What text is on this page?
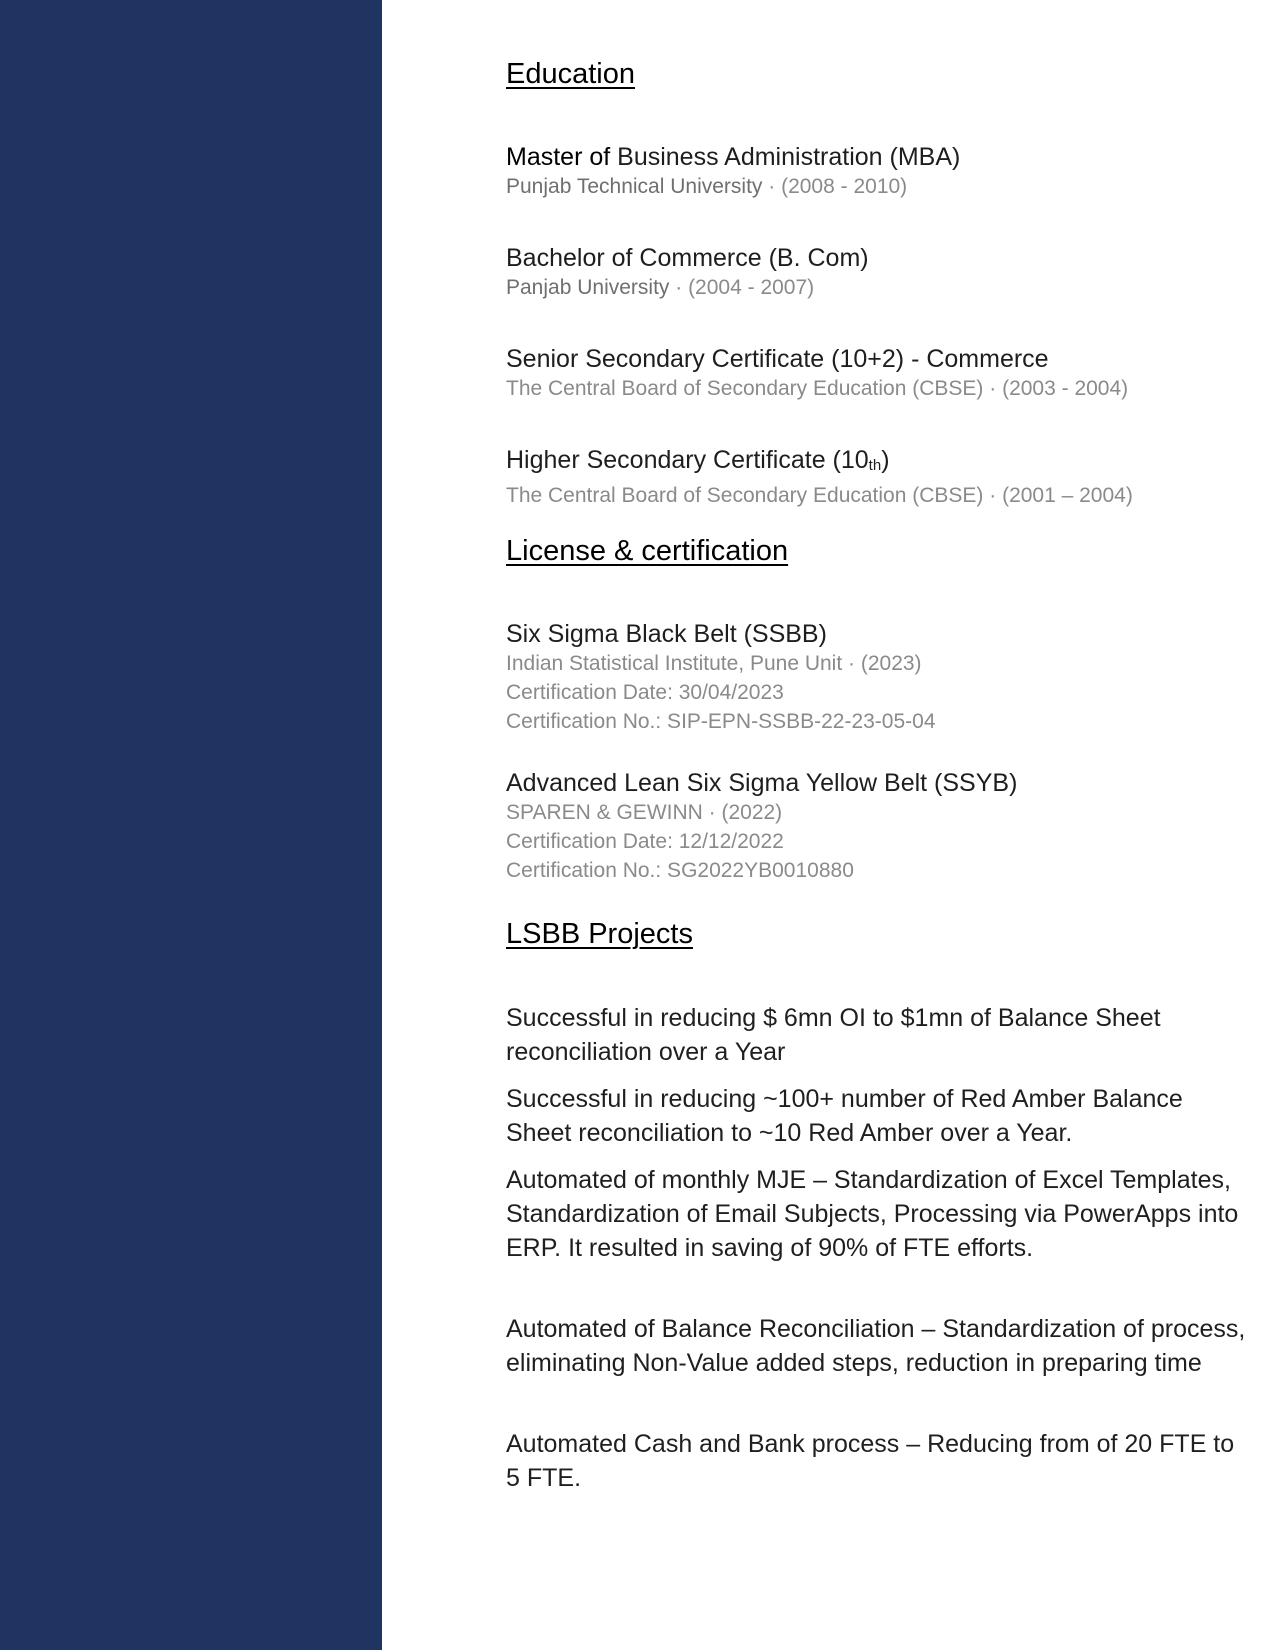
Education
Master of Business Administration (MBA)
Punjab Technical University · (2008 - 2010)
Bachelor of Commerce (B. Com)
Panjab University · (2004 - 2007)
Senior Secondary Certificate (10+2) - Commerce
The Central Board of Secondary Education (CBSE) · (2003 - 2004)
Higher Secondary Certificate $(10_{th})$
The Central Board of Secondary Education (CBSE) · (2001 – 2004)
License & certification
Six Sigma Black Belt (SSBB)
Indian Statistical Institute, Pune Unit · (2023)
Certification Date: 30/04/2023
Certification No.: SIP-EPN-SSBB-22-23-05-04
Advanced Lean Six Sigma Yellow Belt (SSYB)
SPAREN & GEWINN · (2022)
Certification Date: 12/12/2022
Certification No.: SG2022YB0010880
LSBB Projects
Successful in reducing $ 6mn OI to $1mn of Balance Sheet reconciliation over a Year
Successful in reducing ~100+ number of Red Amber Balance Sheet reconciliation to ~10 Red Amber over a Year.
Automated of monthly MJE – Standardization of Excel Templates, Standardization of Email Subjects, Processing via PowerApps into ERP. It resulted in saving of 90% of FTE efforts.
Automated of Balance Reconciliation – Standardization of process, eliminating Non-Value added steps, reduction in preparing time
Automated Cash and Bank process – Reducing from of 20 FTE to 5 FTE.
